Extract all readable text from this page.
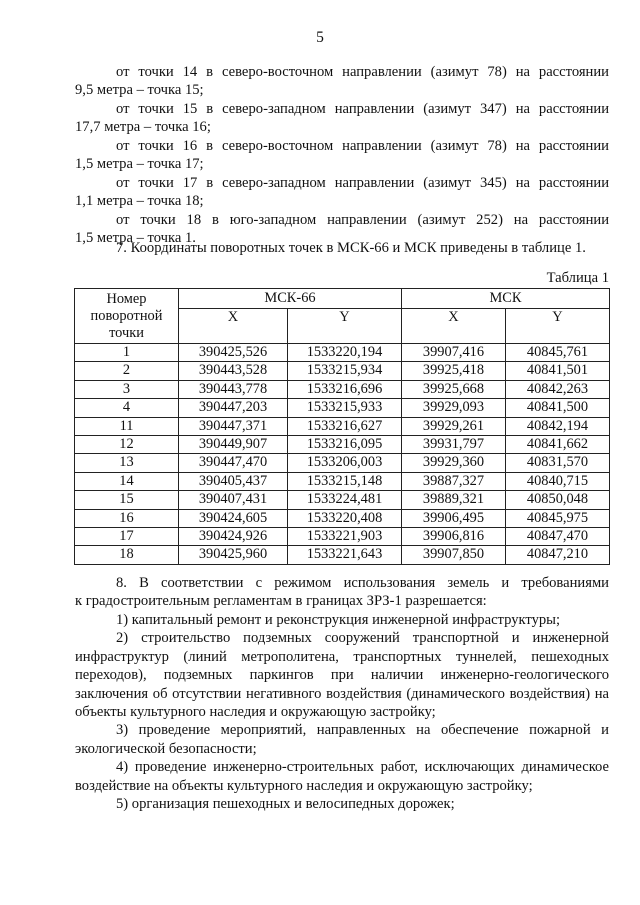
5
от точки 14 в северо-восточном направлении (азимут 78) на расстоянии
9,5 метра – точка 15;
от точки 15 в северо-западном направлении (азимут 347) на расстоянии
17,7 метра – точка 16;
от точки 16 в северо-восточном направлении (азимут 78) на расстоянии
1,5 метра – точка 17;
от точки 17 в северо-западном направлении (азимут 345) на расстоянии
1,1 метра – точка 18;
от точки 18 в юго-западном направлении (азимут 252) на расстоянии
1,5 метра – точка 1.
7. Координаты поворотных точек в МСК-66 и МСК приведены в таблице 1.
Таблица 1
Номер
поворотной
точки	МСК-66		МСК	
	X	Y	X	Y
1	390425,526	1533220,194	39907,416	40845,761
2	390443,528	1533215,934	39925,418	40841,501
3	390443,778	1533216,696	39925,668	40842,263
4	390447,203	1533215,933	39929,093	40841,500
11	390447,371	1533216,627	39929,261	40842,194
12	390449,907	1533216,095	39931,797	40841,662
13	390447,470	1533206,003	39929,360	40831,570
14	390405,437	1533215,148	39887,327	40840,715
15	390407,431	1533224,481	39889,321	40850,048
16	390424,605	1533220,408	39906,495	40845,975
17	390424,926	1533221,903	39906,816	40847,470
18	390425,960	1533221,643	39907,850	40847,210
8. В соответствии с режимом использования земель и требованиями
к градостроительным регламентам в границах ЗРЗ-1 разрешается:
1) капитальный ремонт и реконструкция инженерной инфраструктуры;
2) строительство подземных сооружений транспортной и инженерной инфраструктур (линий метрополитена, транспортных туннелей, пешеходных переходов), подземных паркингов при наличии инженерно-геологического заключения об отсутствии негативного воздействия (динамического воздействия) на объекты культурного наследия и окружающую застройку;
3) проведение мероприятий, направленных на обеспечение пожарной и экологической безопасности;
4) проведение инженерно-строительных работ, исключающих динамическое воздействие на объекты культурного наследия и окружающую застройку;
5) организация пешеходных и велосипедных дорожек;
